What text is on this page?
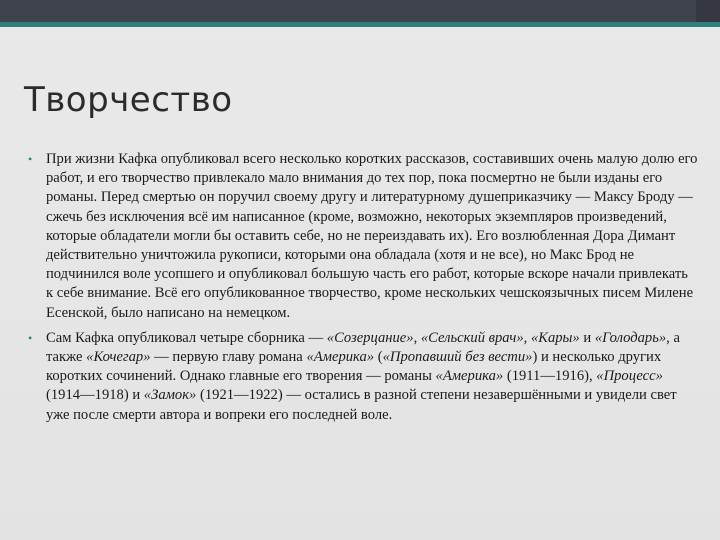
Творчество
• При жизни Кафка опубликовал всего несколько коротких рассказов, составивших очень малую долю его работ, и его творчество привлекало мало внимания до тех пор, пока посмертно не были изданы его романы. Перед смертью он поручил своему другу и литературному душеприказчику — Максу Броду — сжечь без исключения всё им написанное (кроме, возможно, некоторых экземпляров произведений, которые обладатели могли бы оставить себе, но не переиздавать их). Его возлюбленная Дора Димант действительно уничтожила рукописи, которыми она обладала (хотя и не все), но Макс Брод не подчинился воле усопшего и опубликовал большую часть его работ, которые вскоре начали привлекать к себе внимание. Всё его опубликованное творчество, кроме нескольких чешскоязычных писем Милене Есенской, было написано на немецком.
• Сам Кафка опубликовал четыре сборника — «Созерцание», «Сельский врач», «Кары» и «Голодарь», а также «Кочегар» — первую главу романа «Америка» («Пропавший без вести») и несколько других коротких сочинений. Однако главные его творения — романы «Америка» (1911—1916), «Процесс» (1914—1918) и «Замок» (1921—1922) — остались в разной степени незавершёнными и увидели свет уже после смерти автора и вопреки его последней воле.
